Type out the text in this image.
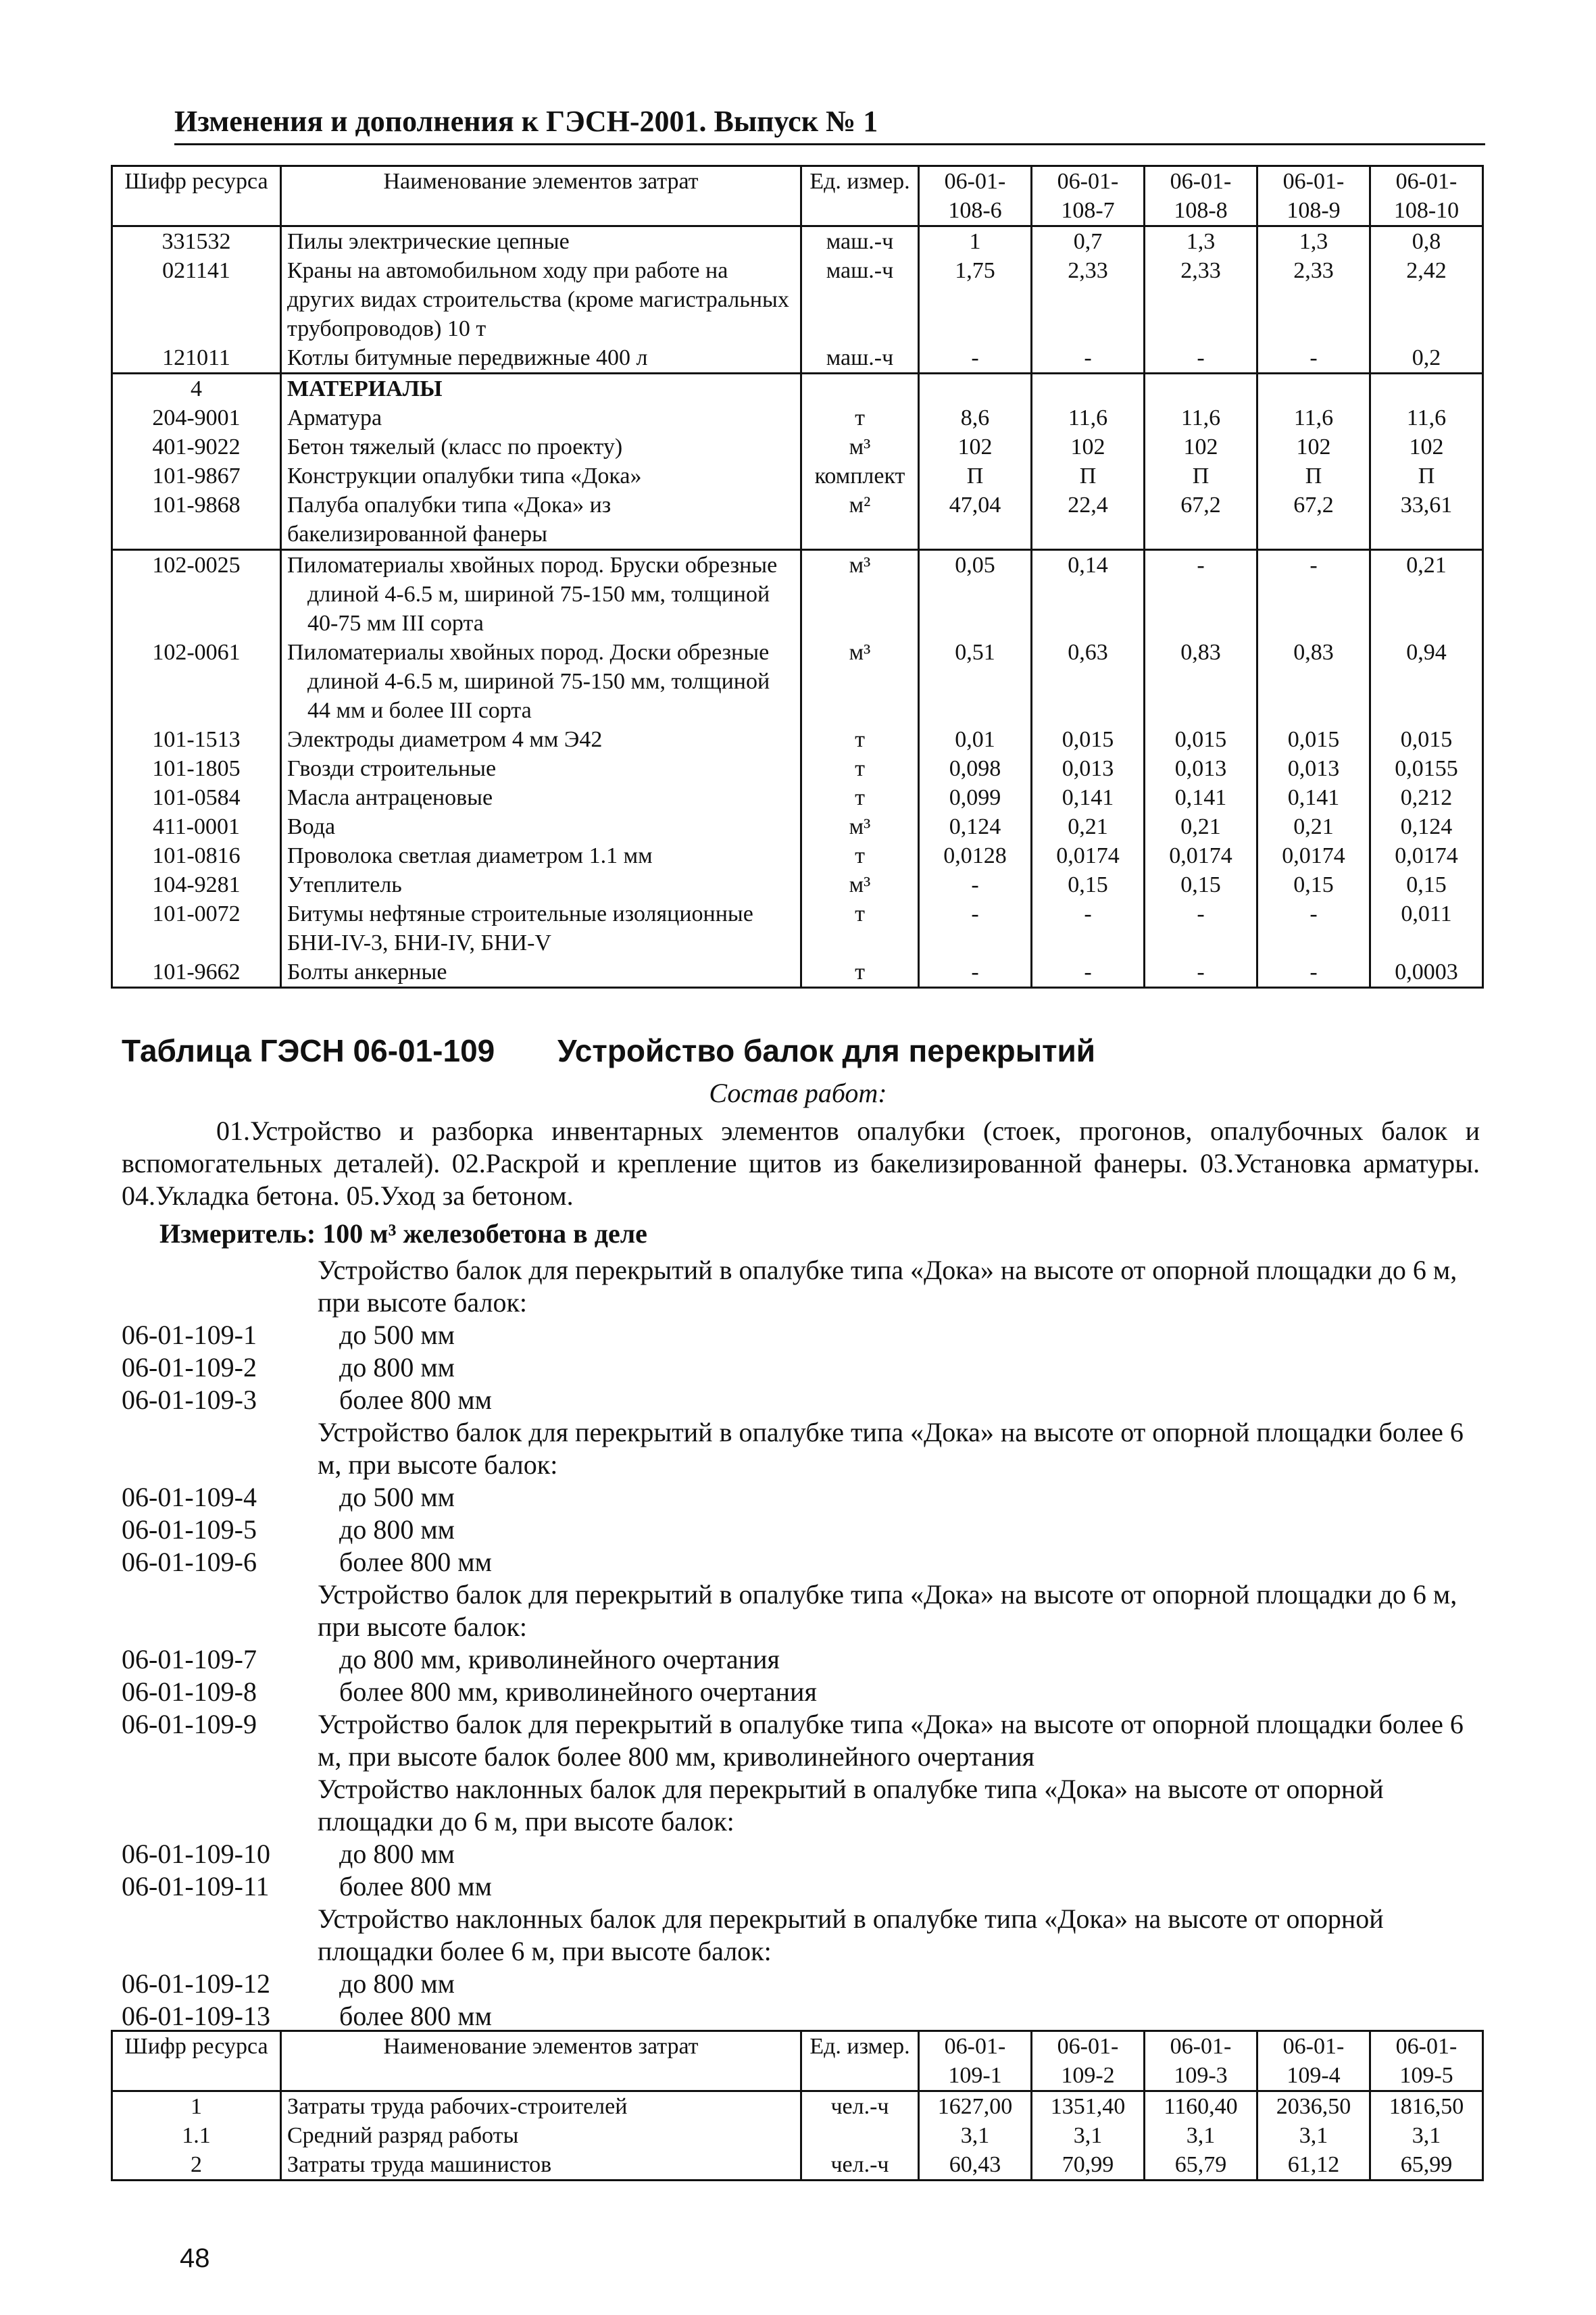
Изменения и дополнения к ГЭСН-2001. Выпуск № 1
Шифр ресурса	Наименование элементов затрат	Ед. измер.	06-01-108-6	06-01-108-7	06-01-108-8	06-01-108-9	06-01-108-10
331532	Пилы электрические цепные	маш.-ч	1	0,7	1,3	1,3	0,8
021141	Краны на автомобильном ходу при работе на других видах строительства (кроме магистральных трубопроводов) 10 т	маш.-ч	1,75	2,33	2,33	2,33	2,42
121011	Котлы битумные передвижные 400 л	маш.-ч	-	-	-	-	0,2
4	МАТЕРИАЛЫ						
204-9001	Арматура	т	8,6	11,6	11,6	11,6	11,6
401-9022	Бетон тяжелый (класс по проекту)	м³	102	102	102	102	102
101-9867	Конструкции опалубки типа «Дока»	комплект	П	П	П	П	П
101-9868	Палуба опалубки типа «Дока» из бакелизированной фанеры	м²	47,04	22,4	67,2	67,2	33,61
102-0025	Пиломатериалы хвойных пород. Бруски обрезные длиной 4-6.5 м, шириной 75-150 мм, толщиной 40-75 мм III сорта	м³	0,05	0,14	-	-	0,21
102-0061	Пиломатериалы хвойных пород. Доски обрезные длиной 4-6.5 м, шириной 75-150 мм, толщиной 44 мм и более III сорта	м³	0,51	0,63	0,83	0,83	0,94
101-1513	Электроды диаметром 4 мм Э42	т	0,01	0,015	0,015	0,015	0,015
101-1805	Гвозди строительные	т	0,098	0,013	0,013	0,013	0,0155
101-0584	Масла антраценовые	т	0,099	0,141	0,141	0,141	0,212
411-0001	Вода	м³	0,124	0,21	0,21	0,21	0,124
101-0816	Проволока светлая диаметром 1.1 мм	т	0,0128	0,0174	0,0174	0,0174	0,0174
104-9281	Утеплитель	м³	-	0,15	0,15	0,15	0,15
101-0072	Битумы нефтяные строительные изоляционные БНИ-IV-3, БНИ-IV, БНИ-V	т	-	-	-	-	0,011
101-9662	Болты анкерные	т	-	-	-	-	0,0003
Таблица ГЭСН 06-01-109 Устройство балок для перекрытий
Состав работ:
01.Устройство и разборка инвентарных элементов опалубки (стоек, прогонов, опалубочных балок и вспомогательных деталей). 02.Раскрой и крепление щитов из бакелизированной фанеры. 03.Установка арматуры. 04.Укладка бетона. 05.Уход за бетоном.
Измеритель: 100 м³ железобетона в деле
Устройство балок для перекрытий в опалубке типа «Дока» на высоте от опорной площадки до 6 м, при высоте балок:
06-01-109-1	до 500 мм
06-01-109-2	до 800 мм
06-01-109-3	более 800 мм
Устройство балок для перекрытий в опалубке типа «Дока» на высоте от опорной площадки более 6 м, при высоте балок:
06-01-109-4	до 500 мм
06-01-109-5	до 800 мм
06-01-109-6	более 800 мм
Устройство балок для перекрытий в опалубке типа «Дока» на высоте от опорной площадки до 6 м, при высоте балок:
06-01-109-7	до 800 мм, криволинейного очертания
06-01-109-8	более 800 мм, криволинейного очертания
06-01-109-9	Устройство балок для перекрытий в опалубке типа «Дока» на высоте от опорной площадки более 6 м, при высоте балок более 800 мм, криволинейного очертания
Устройство наклонных балок для перекрытий в опалубке типа «Дока» на высоте от опорной площадки до 6 м, при высоте балок:
06-01-109-10	до 800 мм
06-01-109-11	более 800 мм
Устройство наклонных балок для перекрытий в опалубке типа «Дока» на высоте от опорной площадки более 6 м, при высоте балок:
06-01-109-12	до 800 мм
06-01-109-13	более 800 мм
Шифр ресурса	Наименование элементов затрат	Ед. измер.	06-01-109-1	06-01-109-2	06-01-109-3	06-01-109-4	06-01-109-5
1	Затраты труда рабочих-строителей	чел.-ч	1627,00	1351,40	1160,40	2036,50	1816,50
1.1	Средний разряд работы		3,1	3,1	3,1	3,1	3,1
2	Затраты труда машинистов	чел.-ч	60,43	70,99	65,79	61,12	65,99
48
